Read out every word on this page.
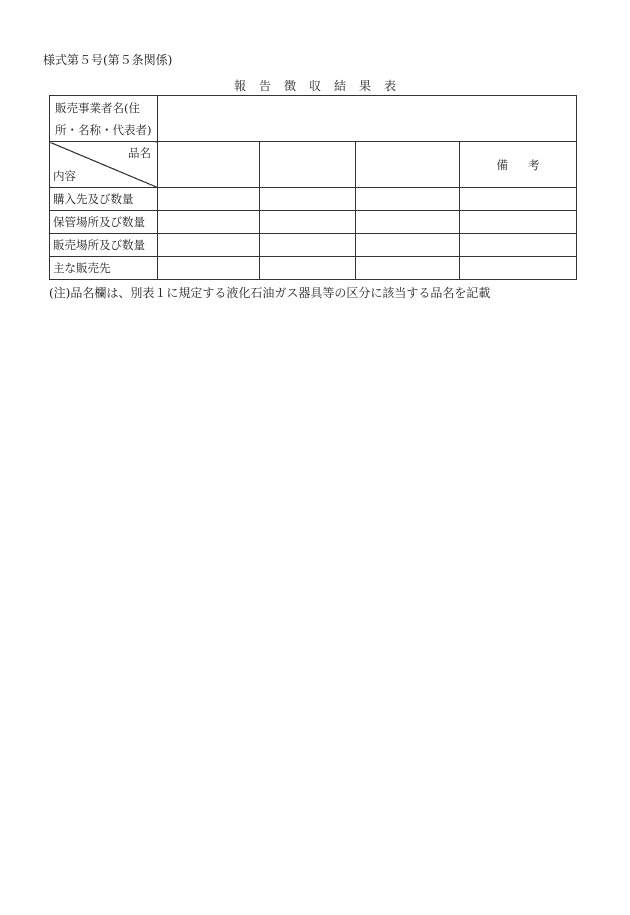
様式第５号(第５条関係)
報告徴収結果表
販売事業者名(住所・名称・代表者)				

品名
内容				備考
購入先及び数量				
保管場所及び数量				
販売場所及び数量				
主な販売先				
(注)品名欄は、別表１に規定する液化石油ガス器具等の区分に該当する品名を記載
